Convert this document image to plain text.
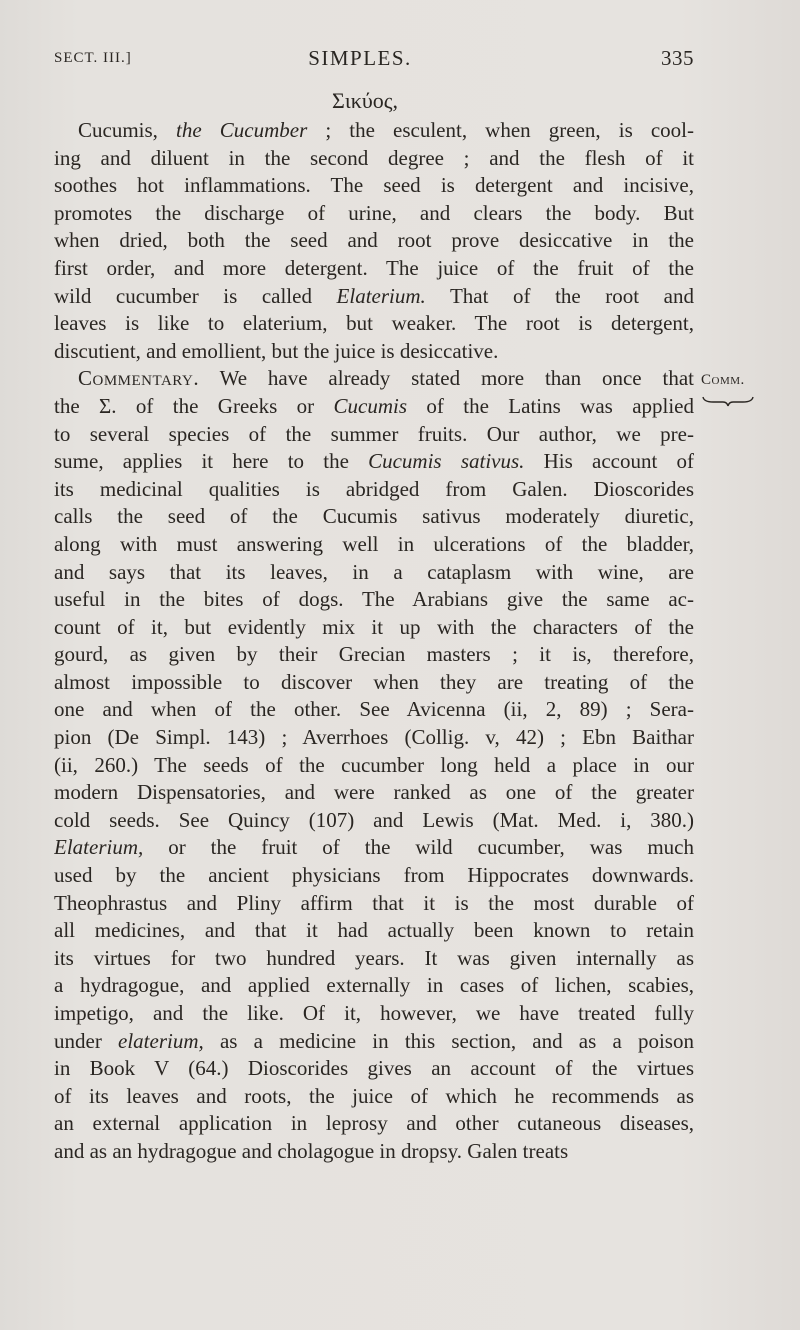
SECT. III.]	SIMPLES.	335
Σικύος,
Cucumis, the Cucumber ; the esculent, when green, is cool-
ing and diluent in the second degree ; and the flesh of it
soothes hot inflammations. The seed is detergent and incisive,
promotes the discharge of urine, and clears the body. But
when dried, both the seed and root prove desiccative in the
first order, and more detergent. The juice of the fruit of the
wild cucumber is called Elaterium. That of the root and
leaves is like to elaterium, but weaker. The root is detergent,
discutient, and emollient, but the juice is desiccative.
Commentary. We have already stated more than once that
the Σ. of the Greeks or Cucumis of the Latins was applied
to several species of the summer fruits. Our author, we pre-
sume, applies it here to the Cucumis sativus. His account of
its medicinal qualities is abridged from Galen. Dioscorides
calls the seed of the Cucumis sativus moderately diuretic,
along with must answering well in ulcerations of the bladder,
and says that its leaves, in a cataplasm with wine, are
useful in the bites of dogs. The Arabians give the same ac-
count of it, but evidently mix it up with the characters of the
gourd, as given by their Grecian masters ; it is, therefore,
almost impossible to discover when they are treating of the
one and when of the other. See Avicenna (ii, 2, 89) ; Sera-
pion (De Simpl. 143) ; Averrhoes (Collig. v, 42) ; Ebn Baithar
(ii, 260.) The seeds of the cucumber long held a place in our
modern Dispensatories, and were ranked as one of the greater
cold seeds. See Quincy (107) and Lewis (Mat. Med. i, 380.)
Elaterium, or the fruit of the wild cucumber, was much
used by the ancient physicians from Hippocrates downwards.
Theophrastus and Pliny affirm that it is the most durable of
all medicines, and that it had actually been known to retain
its virtues for two hundred years. It was given internally as
a hydragogue, and applied externally in cases of lichen, scabies,
impetigo, and the like. Of it, however, we have treated fully
under elaterium, as a medicine in this section, and as a poison
in Book V (64.) Dioscorides gives an account of the virtues
of its leaves and roots, the juice of which he recommends as
an external application in leprosy and other cutaneous diseases,
and as an hydragogue and cholagogue in dropsy. Galen treats
Comm.
